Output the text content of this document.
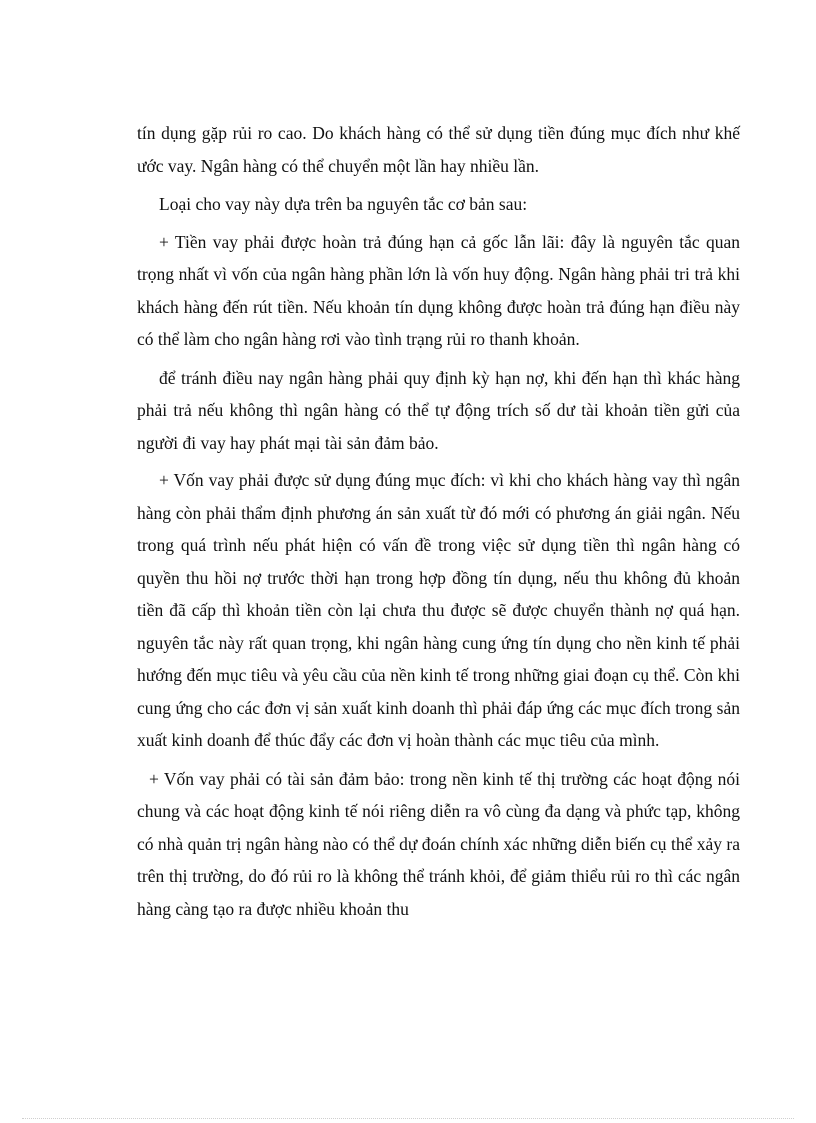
tín dụng gặp rủi ro cao. Do khách hàng có thể sử dụng tiền đúng mục đích như khế ước vay. Ngân hàng có thể chuyển một lần hay nhiều lần.

Loại cho vay này dựa trên ba nguyên tắc cơ bản sau:

+ Tiền vay phải được hoàn trả đúng hạn cả gốc lẫn lãi: đây là nguyên tắc quan trọng nhất vì vốn của ngân hàng phần lớn là vốn huy động. Ngân hàng phải tri trả khi khách hàng đến rút tiền. Nếu khoản tín dụng không được hoàn trả đúng hạn điều này có thể làm cho ngân hàng rơi vào tình trạng rủi ro thanh khoản.

để tránh điều nay ngân hàng phải quy định kỳ hạn nợ, khi đến hạn thì khác hàng phải trả nếu không thì ngân hàng có thể tự động trích số dư tài khoản tiền gửi của người đi vay hay phát mại tài sản đảm bảo.

+ Vốn vay phải được sử dụng đúng mục đích: vì khi cho khách hàng vay thì ngân hàng còn phải thẩm định phương án sản xuất từ đó mới có phương án giải ngân. Nếu trong quá trình nếu phát hiện có vấn đề trong việc sử dụng tiền thì ngân hàng có quyền thu hồi nợ trước thời hạn trong hợp đồng tín dụng, nếu thu không đủ khoản tiền đã cấp thì khoản tiền còn lại chưa thu được sẽ được chuyển thành nợ quá hạn. nguyên tắc này rất quan trọng, khi ngân hàng cung ứng tín dụng cho nền kinh tế phải hướng đến mục tiêu và yêu cầu của nền kinh tế trong những giai đoạn cụ thể. Còn khi cung ứng cho các đơn vị sản xuất kinh doanh thì phải đáp ứng các mục đích trong sản xuất kinh doanh để thúc đẩy các đơn vị hoàn thành các mục tiêu của mình.

+ Vốn vay phải có tài sản đảm bảo: trong nền kinh tế thị trường các hoạt động nói chung và các hoạt động kinh tế nói riêng diễn ra vô cùng đa dạng và phức tạp, không có nhà quản trị ngân hàng nào có thể dự đoán chính xác những diễn biến cụ thể xảy ra trên thị trường, do đó rủi ro là không thể tránh khỏi, để giảm thiểu rủi ro thì các ngân hàng càng tạo ra được nhiều khoản thu
